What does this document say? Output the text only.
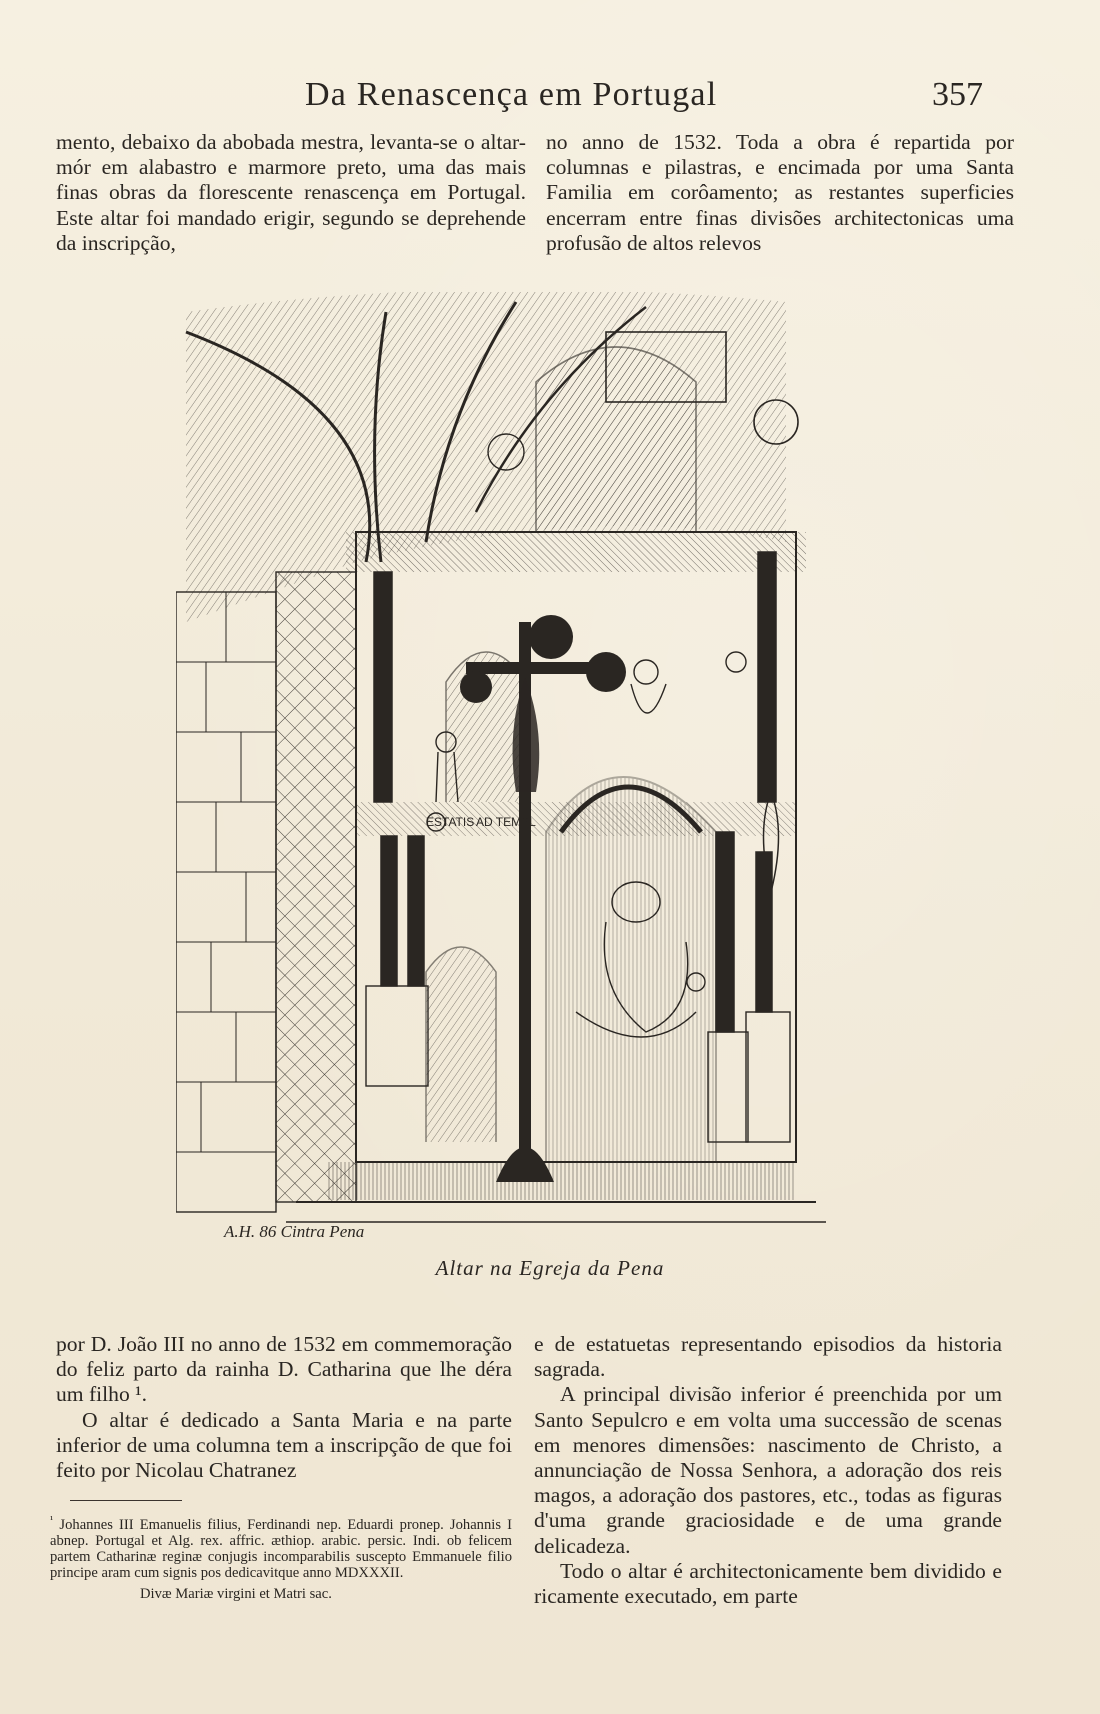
Da Renascença em Portugal	357

mento, debaixo da abobada mestra, levanta-se o altar-mór em alabastro e marmore preto, uma das mais finas obras da florescente renascença em Portugal. Este altar foi mandado erigir, segundo se deprehende da inscripção,

no anno de 1532. Toda a obra é repartida por columnas e pilastras, e encimada por uma Santa Familia em corôamento; as restantes superficies encerram entre finas divisões architectonicas uma profusão de altos relevos

ESTATIS AD TEMPL
A.H. 86 Cintra Pena
Altar na Egreja da Pena

por D. João III no anno de 1532 em commemoração do feliz parto da rainha D. Catharina que lhe déra um filho ¹.

O altar é dedicado a Santa Maria e na parte inferior de uma columna tem a inscripção de que foi feito por Nicolau Chatranez

e de estatuetas representando episodios da historia sagrada.

A principal divisão inferior é preenchida por um Santo Sepulcro e em volta uma successão de scenas em menores dimensões: nascimento de Christo, a annunciação de Nossa Senhora, a adoração dos reis magos, a adoração dos pastores, etc., todas as figuras d'uma grande graciosidade e de uma grande delicadeza.

Todo o altar é architectonicamente bem dividido e ricamente executado, em parte

$^{^1}$ Johannes III Emanuelis filius, Ferdinandi nep. Eduardi pronep. Johannis I abnep. Portugal et Alg. rex. affric. æthiop. arabic. persic. Indi. ob felicem partem Catharinæ reginæ conjugis incomparabilis suscepto Emmanuele filio principe aram cum signis pos dedicavitque anno MDXXXII.
Divæ Mariæ virgini et Matri sac.
